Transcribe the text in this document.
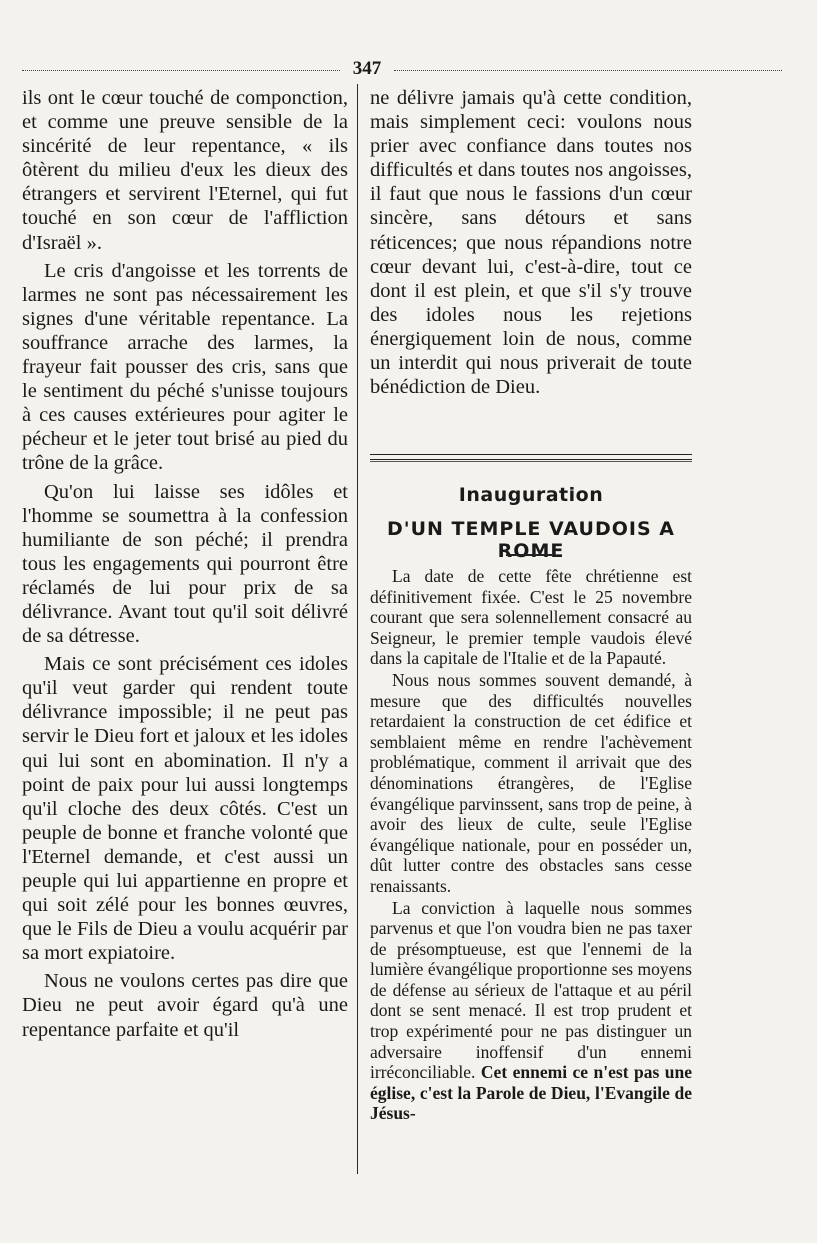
347

ils ont le cœur touché de componction, et comme une preuve sensible de la sincérité de leur repentance, « ils ôtèrent du milieu d'eux les dieux des étrangers et servirent l'Eternel, qui fut touché en son cœur de l'affliction d'Israël ».

Le cris d'angoisse et les torrents de larmes ne sont pas nécessairement les signes d'une véritable repentance. La souffrance arrache des larmes, la frayeur fait pousser des cris, sans que le sentiment du péché s'unisse toujours à ces causes extérieures pour agiter le pécheur et le jeter tout brisé au pied du trône de la grâce.

Qu'on lui laisse ses idôles et l'homme se soumettra à la confession humiliante de son péché; il prendra tous les engagements qui pourront être réclamés de lui pour prix de sa délivrance. Avant tout qu'il soit délivré de sa détresse.

Mais ce sont précisément ces idoles qu'il veut garder qui rendent toute délivrance impossible; il ne peut pas servir le Dieu fort et jaloux et les idoles qui lui sont en abomination. Il n'y a point de paix pour lui aussi longtemps qu'il cloche des deux côtés. C'est un peuple de bonne et franche volonté que l'Eternel demande, et c'est aussi un peuple qui lui appartienne en propre et qui soit zélé pour les bonnes œuvres, que le Fils de Dieu a voulu acquérir par sa mort expiatoire.

Nous ne voulons certes pas dire que Dieu ne peut avoir égard qu'à une repentance parfaite et qu'il

ne délivre jamais qu'à cette condition, mais simplement ceci: voulons nous prier avec confiance dans toutes nos difficultés et dans toutes nos angoisses, il faut que nous le fassions d'un cœur sincère, sans détours et sans réticences; que nous répandions notre cœur devant lui, c'est-à-dire, tout ce dont il est plein, et que s'il s'y trouve des idoles nous les rejetions énergiquement loin de nous, comme un interdit qui nous priverait de toute bénédiction de Dieu.

Inauguration
D'UN TEMPLE VAUDOIS A ROME

La date de cette fête chrétienne est définitivement fixée. C'est le 25 novembre courant que sera solennellement consacré au Seigneur, le premier temple vaudois élevé dans la capitale de l'Italie et de la Papauté.

Nous nous sommes souvent demandé, à mesure que des difficultés nouvelles retardaient la construction de cet édifice et semblaient même en rendre l'achèvement problématique, comment il arrivait que des dénominations étrangères, de l'Eglise évangélique parvinssent, sans trop de peine, à avoir des lieux de culte, seule l'Eglise évangélique nationale, pour en posséder un, dût lutter contre des obstacles sans cesse renaissants.

La conviction à laquelle nous sommes parvenus et que l'on voudra bien ne pas taxer de présomptueuse, est que l'ennemi de la lumière évangélique proportionne ses moyens de défense au sérieux de l'attaque et au péril dont se sent menacé. Il est trop prudent et trop expérimenté pour ne pas distinguer un adversaire inoffensif d'un ennemi irréconciliable. Cet ennemi ce n'est pas une église, c'est la Parole de Dieu, l'Evangile de Jésus-
